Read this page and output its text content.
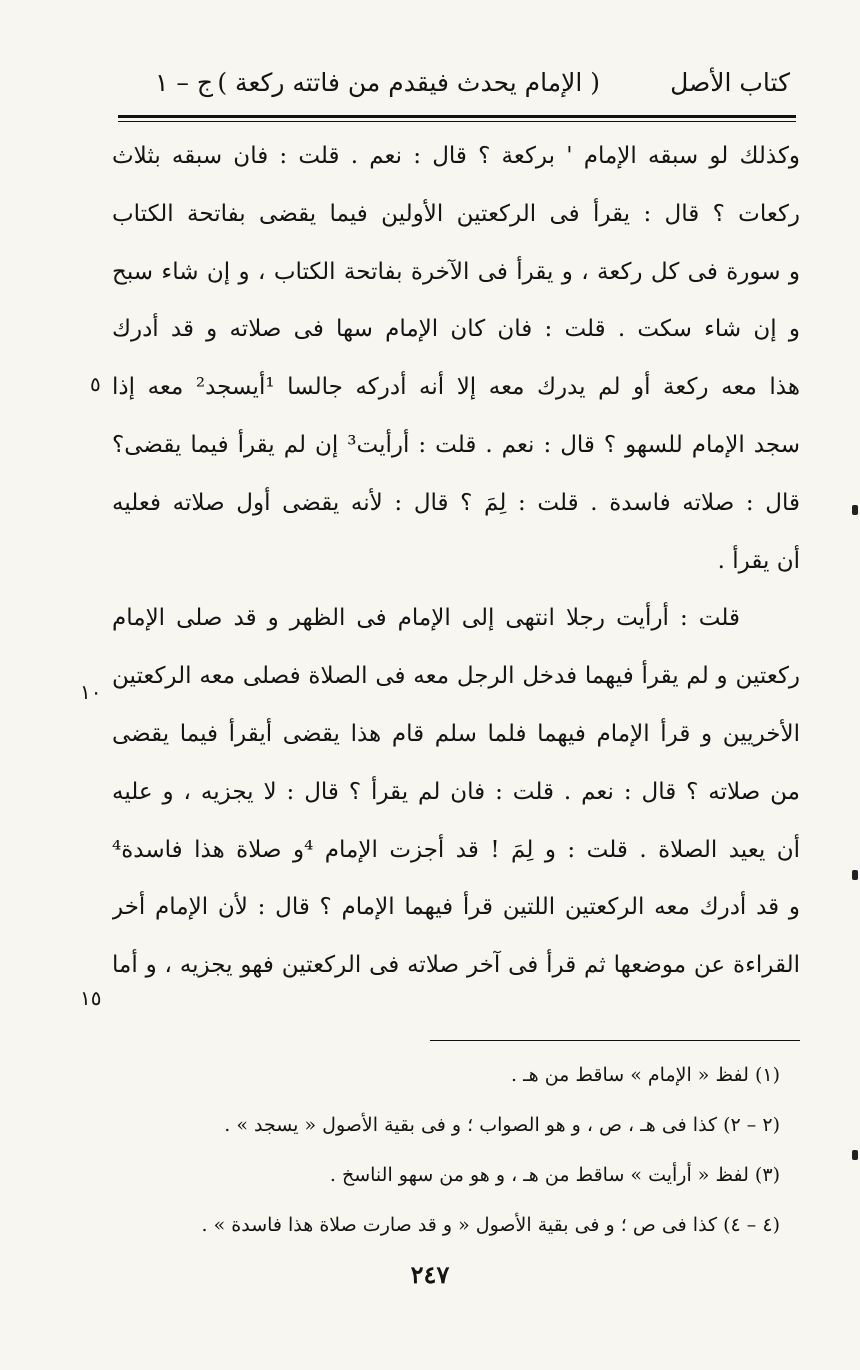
كتاب الأصل
( الإمام يحدث فيقدم من فاتته ركعة )
ج – ١
وكذلك لو سبقه الإمام ' بركعة ؟ قال : نعم . قلت : فان سبقه بثلاث
ركعات ؟ قال : يقرأ فى الركعتين الأولين فيما يقضى بفاتحة الكتاب
و سورة فى كل ركعة ، و يقرأ فى الآخرة بفاتحة الكتاب ، و إن شاء سبح
و إن شاء سكت . قلت : فان كان الإمام سها فى صلاته و قد أدرك
هذا معه ركعة أو لم يدرك معه إلا أنه أدركه جالسا ¹أيسجد² معه إذا
سجد الإمام للسهو ؟ قال : نعم . قلت : أرأيت³ إن لم يقرأ فيما يقضى؟
قال : صلاته فاسدة . قلت : لِمَ ؟ قال : لأنه يقضى أول صلاته فعليه
أن يقرأ .
قلت : أرأيت رجلا انتهى إلى الإمام فى الظهر و قد صلى الإمام
ركعتين و لم يقرأ فيهما فدخل الرجل معه فى الصلاة فصلى معه الركعتين
الأخريين و قرأ الإمام فيهما فلما سلم قام هذا يقضى أيقرأ فيما يقضى
من صلاته ؟ قال : نعم . قلت : فان لم يقرأ ؟ قال : لا يجزيه ، و عليه
أن يعيد الصلاة . قلت : و لِمَ ! قد أجزت الإمام ⁴و صلاة هذا فاسدة⁴
و قد أدرك معه الركعتين اللتين قرأ فيهما الإمام ؟ قال : لأن الإمام أخر
القراءة عن موضعها ثم قرأ فى آخر صلاته فى الركعتين فهو يجزيه ، و أما
٥
١٠
١٥
(١) لفظ « الإمام » ساقط من هـ .
(٢ – ٢) كذا فى هـ ، ص ، و هو الصواب ؛ و فى بقية الأصول « يسجد » .
(٣) لفظ « أرأيت » ساقط من هـ ، و هو من سهو الناسخ .
(٤ – ٤) كذا فى ص ؛ و فى بقية الأصول « و قد صارت صلاة هذا فاسدة » .
٢٤٧
